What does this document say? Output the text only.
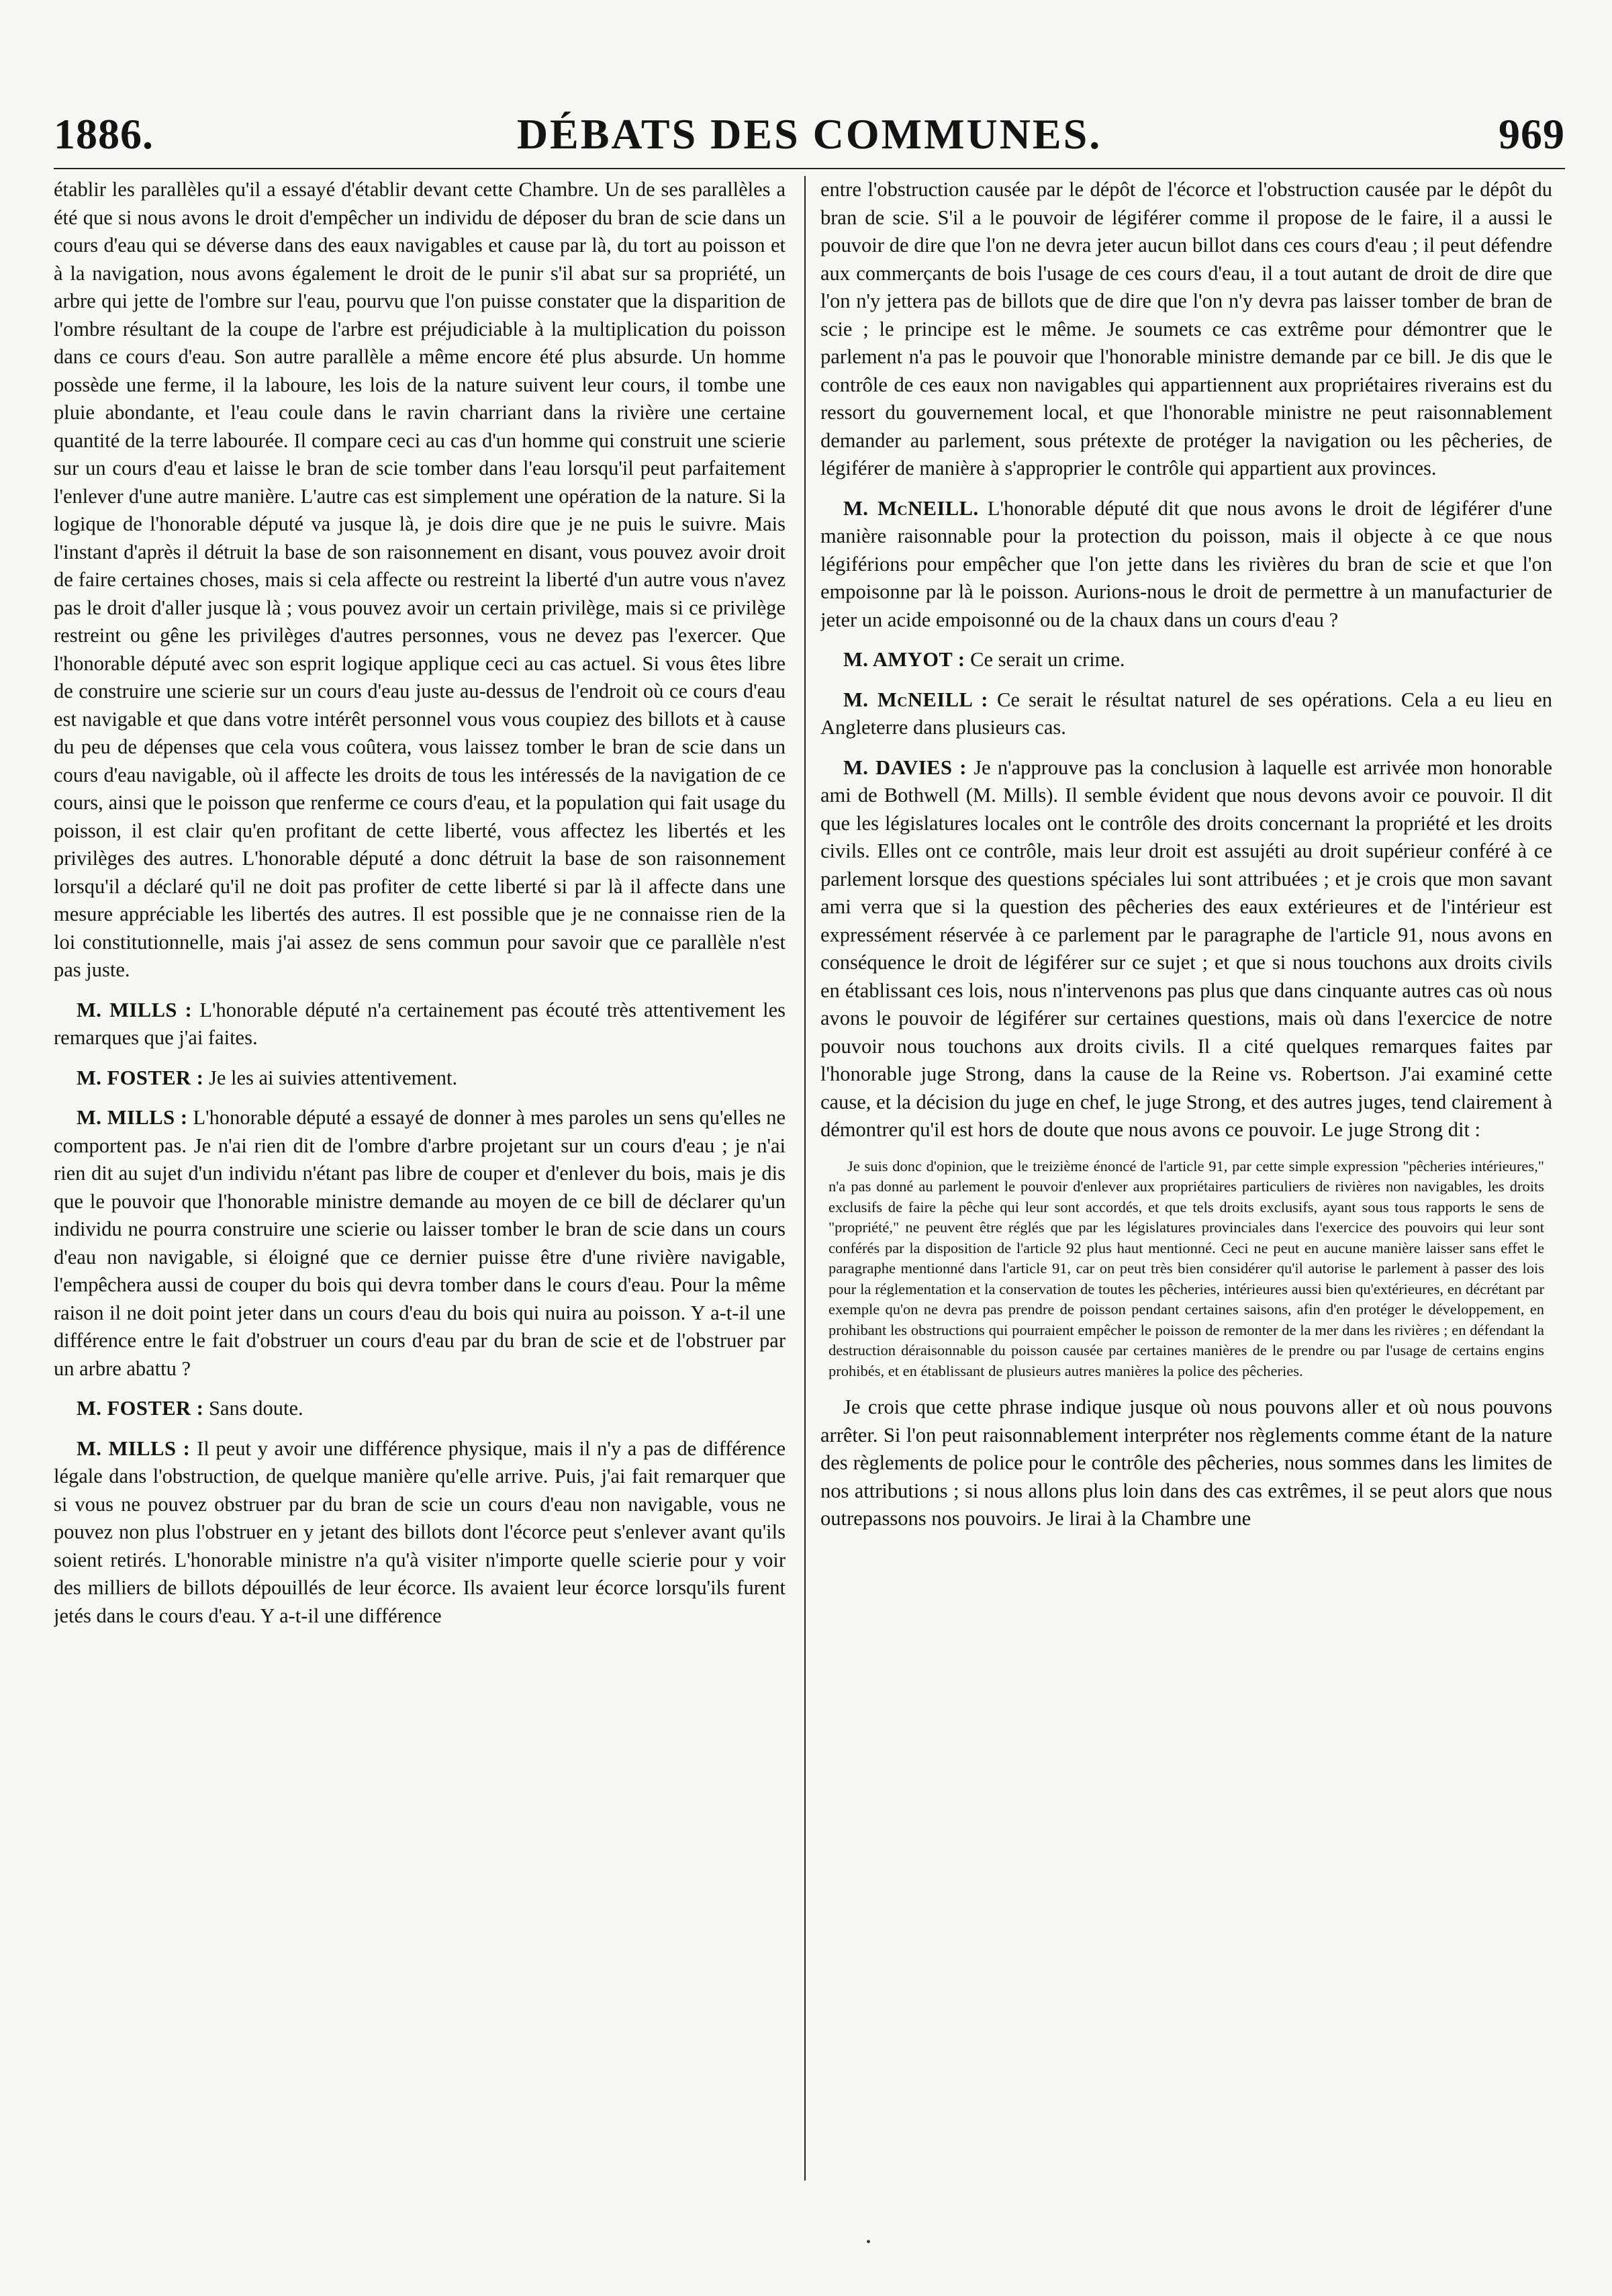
DÉBATS DES COMMUNES.
1886.	969

établir les parallèles qu'il a essayé d'établir devant cette Chambre. Un de ses parallèles a été que si nous avons le droit d'empêcher un individu de déposer du bran de scie dans un cours d'eau qui se déverse dans des eaux navigables et cause par là, du tort au poisson et à la navigation, nous avons également le droit de le punir s'il abat sur sa propriété, un arbre qui jette de l'ombre sur l'eau, pourvu que l'on puisse constater que la disparition de l'ombre résultant de la coupe de l'arbre est préjudiciable à la multiplication du poisson dans ce cours d'eau. Son autre parallèle a même encore été plus absurde. Un homme possède une ferme, il la laboure, les lois de la nature suivent leur cours, il tombe une pluie abondante, et l'eau coule dans le ravin charriant dans la rivière une certaine quantité de la terre labourée. Il compare ceci au cas d'un homme qui construit une scierie sur un cours d'eau et laisse le bran de scie tomber dans l'eau lorsqu'il peut parfaitement l'enlever d'une autre manière. L'autre cas est simplement une opération de la nature. Si la logique de l'honorable député va jusque là, je dois dire que je ne puis le suivre. Mais l'instant d'après il détruit la base de son raisonnement en disant, vous pouvez avoir droit de faire certaines choses, mais si cela affecte ou restreint la liberté d'un autre vous n'avez pas le droit d'aller jusque là ; vous pouvez avoir un certain privilège, mais si ce privilège restreint ou gêne les privilèges d'autres personnes, vous ne devez pas l'exercer. Que l'honorable député avec son esprit logique applique ceci au cas actuel. Si vous êtes libre de construire une scierie sur un cours d'eau juste au-dessus de l'endroit où ce cours d'eau est navigable et que dans votre intérêt personnel vous vous coupiez des billots et à cause du peu de dépenses que cela vous coûtera, vous laissez tomber le bran de scie dans un cours d'eau navigable, où il affecte les droits de tous les intéressés de la navigation de ce cours, ainsi que le poisson que renferme ce cours d'eau, et la population qui fait usage du poisson, il est clair qu'en profitant de cette liberté, vous affectez les libertés et les privilèges des autres. L'honorable député a donc détruit la base de son raisonnement lorsqu'il a déclaré qu'il ne doit pas profiter de cette liberté si par là il affecte dans une mesure appréciable les libertés des autres. Il est possible que je ne connaisse rien de la loi constitutionnelle, mais j'ai assez de sens commun pour savoir que ce parallèle n'est pas juste.

M. MILLS : L'honorable député n'a certainement pas écouté très attentivement les remarques que j'ai faites.

M. FOSTER : Je les ai suivies attentivement.

M. MILLS : L'honorable député a essayé de donner à mes paroles un sens qu'elles ne comportent pas. Je n'ai rien dit de l'ombre d'arbre projetant sur un cours d'eau ; je n'ai rien dit au sujet d'un individu n'étant pas libre de couper et d'enlever du bois, mais je dis que le pouvoir que l'honorable ministre demande au moyen de ce bill de déclarer qu'un individu ne pourra construire une scierie ou laisser tomber le bran de scie dans un cours d'eau non navigable, si éloigné que ce dernier puisse être d'une rivière navigable, l'empêchera aussi de couper du bois qui devra tomber dans le cours d'eau. Pour la même raison il ne doit point jeter dans un cours d'eau du bois qui nuira au poisson. Y a-t-il une différence entre le fait d'obstruer un cours d'eau par du bran de scie et de l'obstruer par un arbre abattu ?

M. FOSTER : Sans doute.

M. MILLS : Il peut y avoir une différence physique, mais il n'y a pas de différence légale dans l'obstruction, de quelque manière qu'elle arrive. Puis, j'ai fait remarquer que si vous ne pouvez obstruer par du bran de scie un cours d'eau non navigable, vous ne pouvez non plus l'obstruer en y jetant des billots dont l'écorce peut s'enlever avant qu'ils soient retirés. L'honorable ministre n'a qu'à visiter n'importe quelle scierie pour y voir des milliers de billots dépouillés de leur écorce. Ils avaient leur écorce lorsqu'ils furent jetés dans le cours d'eau. Y a-t-il une différence

entre l'obstruction causée par le dépôt de l'écorce et l'obstruction causée par le dépôt du bran de scie. S'il a le pouvoir de légiférer comme il propose de le faire, il a aussi le pouvoir de dire que l'on ne devra jeter aucun billot dans ces cours d'eau ; il peut défendre aux commerçants de bois l'usage de ces cours d'eau, il a tout autant de droit de dire que l'on n'y jettera pas de billots que de dire que l'on n'y devra pas laisser tomber de bran de scie ; le principe est le même. Je soumets ce cas extrême pour démontrer que le parlement n'a pas le pouvoir que l'honorable ministre demande par ce bill. Je dis que le contrôle de ces eaux non navigables qui appartiennent aux propriétaires riverains est du ressort du gouvernement local, et que l'honorable ministre ne peut raisonnablement demander au parlement, sous prétexte de protéger la navigation ou les pêcheries, de légiférer de manière à s'approprier le contrôle qui appartient aux provinces.

M. McNEILL. L'honorable député dit que nous avons le droit de légiférer d'une manière raisonnable pour la protection du poisson, mais il objecte à ce que nous légiférions pour empêcher que l'on jette dans les rivières du bran de scie et que l'on empoisonne par là le poisson. Aurions-nous le droit de permettre à un manufacturier de jeter un acide empoisonné ou de la chaux dans un cours d'eau ?

M. AMYOT : Ce serait un crime.

M. McNEILL : Ce serait le résultat naturel de ses opérations. Cela a eu lieu en Angleterre dans plusieurs cas.

M. DAVIES : Je n'approuve pas la conclusion à laquelle est arrivée mon honorable ami de Bothwell (M. Mills). Il semble évident que nous devons avoir ce pouvoir. Il dit que les législatures locales ont le contrôle des droits concernant la propriété et les droits civils. Elles ont ce contrôle, mais leur droit est assujéti au droit supérieur conféré à ce parlement lorsque des questions spéciales lui sont attribuées ; et je crois que mon savant ami verra que si la question des pêcheries des eaux extérieures et de l'intérieur est expressément réservée à ce parlement par le paragraphe de l'article 91, nous avons en conséquence le droit de légiférer sur ce sujet ; et que si nous touchons aux droits civils en établissant ces lois, nous n'intervenons pas plus que dans cinquante autres cas où nous avons le pouvoir de légiférer sur certaines questions, mais où dans l'exercice de notre pouvoir nous touchons aux droits civils. Il a cité quelques remarques faites par l'honorable juge Strong, dans la cause de la Reine vs. Robertson. J'ai examiné cette cause, et la décision du juge en chef, le juge Strong, et des autres juges, tend clairement à démontrer qu'il est hors de doute que nous avons ce pouvoir. Le juge Strong dit :

Je suis donc d'opinion, que le treizième énoncé de l'article 91, par cette simple expression "pêcheries intérieures," n'a pas donné au parlement le pouvoir d'enlever aux propriétaires particuliers de rivières non navigables, les droits exclusifs de faire la pêche qui leur sont accordés, et que tels droits exclusifs, ayant sous tous rapports le sens de "propriété," ne peuvent être réglés que par les législatures provinciales dans l'exercice des pouvoirs qui leur sont conférés par la disposition de l'article 92 plus haut mentionné. Ceci ne peut en aucune manière laisser sans effet le paragraphe mentionné dans l'article 91, car on peut très bien considérer qu'il autorise le parlement à passer des lois pour la réglementation et la conservation de toutes les pêcheries, intérieures aussi bien qu'extérieures, en décrétant par exemple qu'on ne devra pas prendre de poisson pendant certaines saisons, afin d'en protéger le développement, en prohibant les obstructions qui pourraient empêcher le poisson de remonter de la mer dans les rivières ; en défendant la destruction déraisonnable du poisson causée par certaines manières de le prendre ou par l'usage de certains engins prohibés, et en établissant de plusieurs autres manières la police des pêcheries.

Je crois que cette phrase indique jusque où nous pouvons aller et où nous pouvons arrêter. Si l'on peut raisonnablement interpréter nos règlements comme étant de la nature des règlements de police pour le contrôle des pêcheries, nous sommes dans les limites de nos attributions ; si nous allons plus loin dans des cas extrêmes, il se peut alors que nous outrepassons nos pouvoirs. Je lirai à la Chambre une

•
